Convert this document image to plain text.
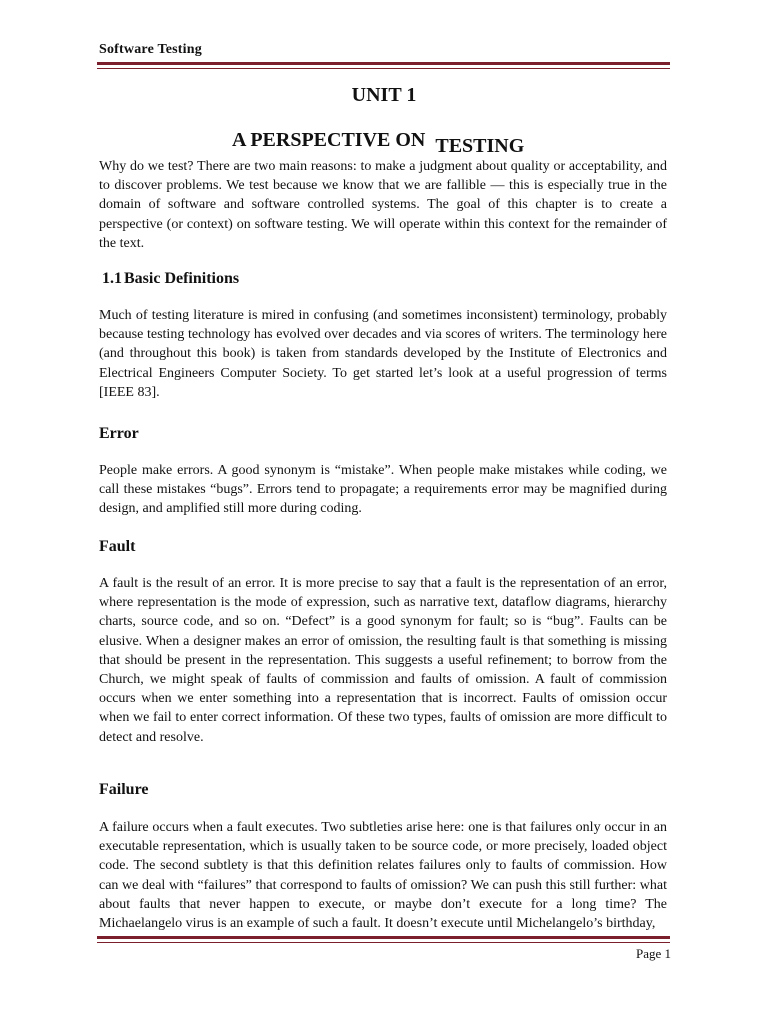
Software Testing
UNIT 1
A PERSPECTIVE ON TESTING

Why do we test? There are two main reasons: to make a judgment about quality or acceptability, and to discover problems. We test because we know that we are fallible — this is especially true in the domain of software and software controlled systems. The goal of this chapter is to create a perspective (or context) on software testing. We will operate within this context for the remainder of the text.

1.1 Basic Definitions

Much of testing literature is mired in confusing (and sometimes inconsistent) terminology, probably because testing technology has evolved over decades and via scores of writers. The terminology here (and throughout this book) is taken from standards developed by the Institute of Electronics and Electrical Engineers Computer Society. To get started let’s look at a useful progression of terms [IEEE 83].

Error

People make errors. A good synonym is “mistake”. When people make mistakes while coding, we call these mistakes “bugs”. Errors tend to propagate; a requirements error may be magnified during design, and amplified still more during coding.

Fault

A fault is the result of an error. It is more precise to say that a fault is the representation of an error, where representation is the mode of expression, such as narrative text, dataflow diagrams, hierarchy charts, source code, and so on. “Defect” is a good synonym for fault; so is “bug”. Faults can be elusive. When a designer makes an error of omission, the resulting fault is that something is missing that should be present in the representation. This suggests a useful refinement; to borrow from the Church, we might speak of faults of commission and faults of omission. A fault of commission occurs when we enter something into a representation that is incorrect. Faults of omission occur when we fail to enter correct information. Of these two types, faults of omission are more difficult to detect and resolve.

Failure

A failure occurs when a fault executes. Two subtleties arise here: one is that failures only occur in an executable representation, which is usually taken to be source code, or more precisely, loaded object code. The second subtlety is that this definition relates failures only to faults of commission. How can we deal with “failures” that correspond to faults of omission? We can push this still further: what about faults that never happen to execute, or maybe don’t execute for a long time? The Michaelangelo virus is an example of such a fault. It doesn’t execute until Michelangelo’s birthday,

Page 1
